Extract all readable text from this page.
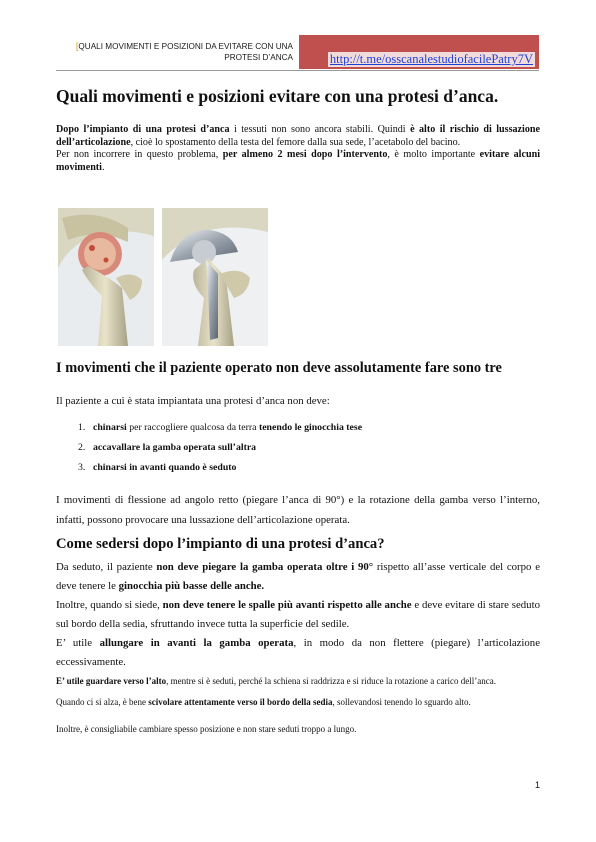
[QUALI MOVIMENTI E POSIZIONI DA EVITARE CON UNA
PROTESI D’ANCA	http://t.me/osscanalestudiofacilePatry7V
Quali movimenti e posizioni evitare con una protesi d’anca.

Dopo l’impianto di una protesi d’anca i tessuti non sono ancora stabili. Quindi è alto il rischio di lussazione dell’articolazione, cioè lo spostamento della testa del femore dalla sua sede, l’acetabolo del bacino.

Per non incorrere in questo problema, per almeno 2 mesi dopo l’intervento, è molto importante evitare alcuni movimenti.

I movimenti che il paziente operato non deve assolutamente fare sono tre

Il paziente a cui è stata impiantata una protesi d’anca non deve:

1. chinarsi per raccogliere qualcosa da terra tenendo le ginocchia tese
2. accavallare la gamba operata sull’altra
3. chinarsi in avanti quando è seduto

I movimenti di flessione ad angolo retto (piegare l’anca di 90°) e la rotazione della gamba verso l’interno, infatti, possono provocare una lussazione dell’articolazione operata.

Come sedersi dopo l’impianto di una protesi d’anca?

Da seduto, il paziente non deve piegare la gamba operata oltre i 90° rispetto all’asse verticale del corpo e deve tenere le ginocchia più basse delle anche.

Inoltre, quando si siede, non deve tenere le spalle più avanti rispetto alle anche e deve evitare di stare seduto sul bordo della sedia, sfruttando invece tutta la superficie del sedile.

E’ utile allungare in avanti la gamba operata, in modo da non flettere (piegare) l’articolazione eccessivamente.

E’ utile guardare verso l’alto, mentre si è seduti, perché la schiena si raddrizza e si riduce la rotazione a carico dell’anca.

Quando ci si alza, è bene scivolare attentamente verso il bordo della sedia, sollevandosi tenendo lo sguardo alto.

Inoltre, è consigliabile cambiare spesso posizione e non stare seduti troppo a lungo.

1
